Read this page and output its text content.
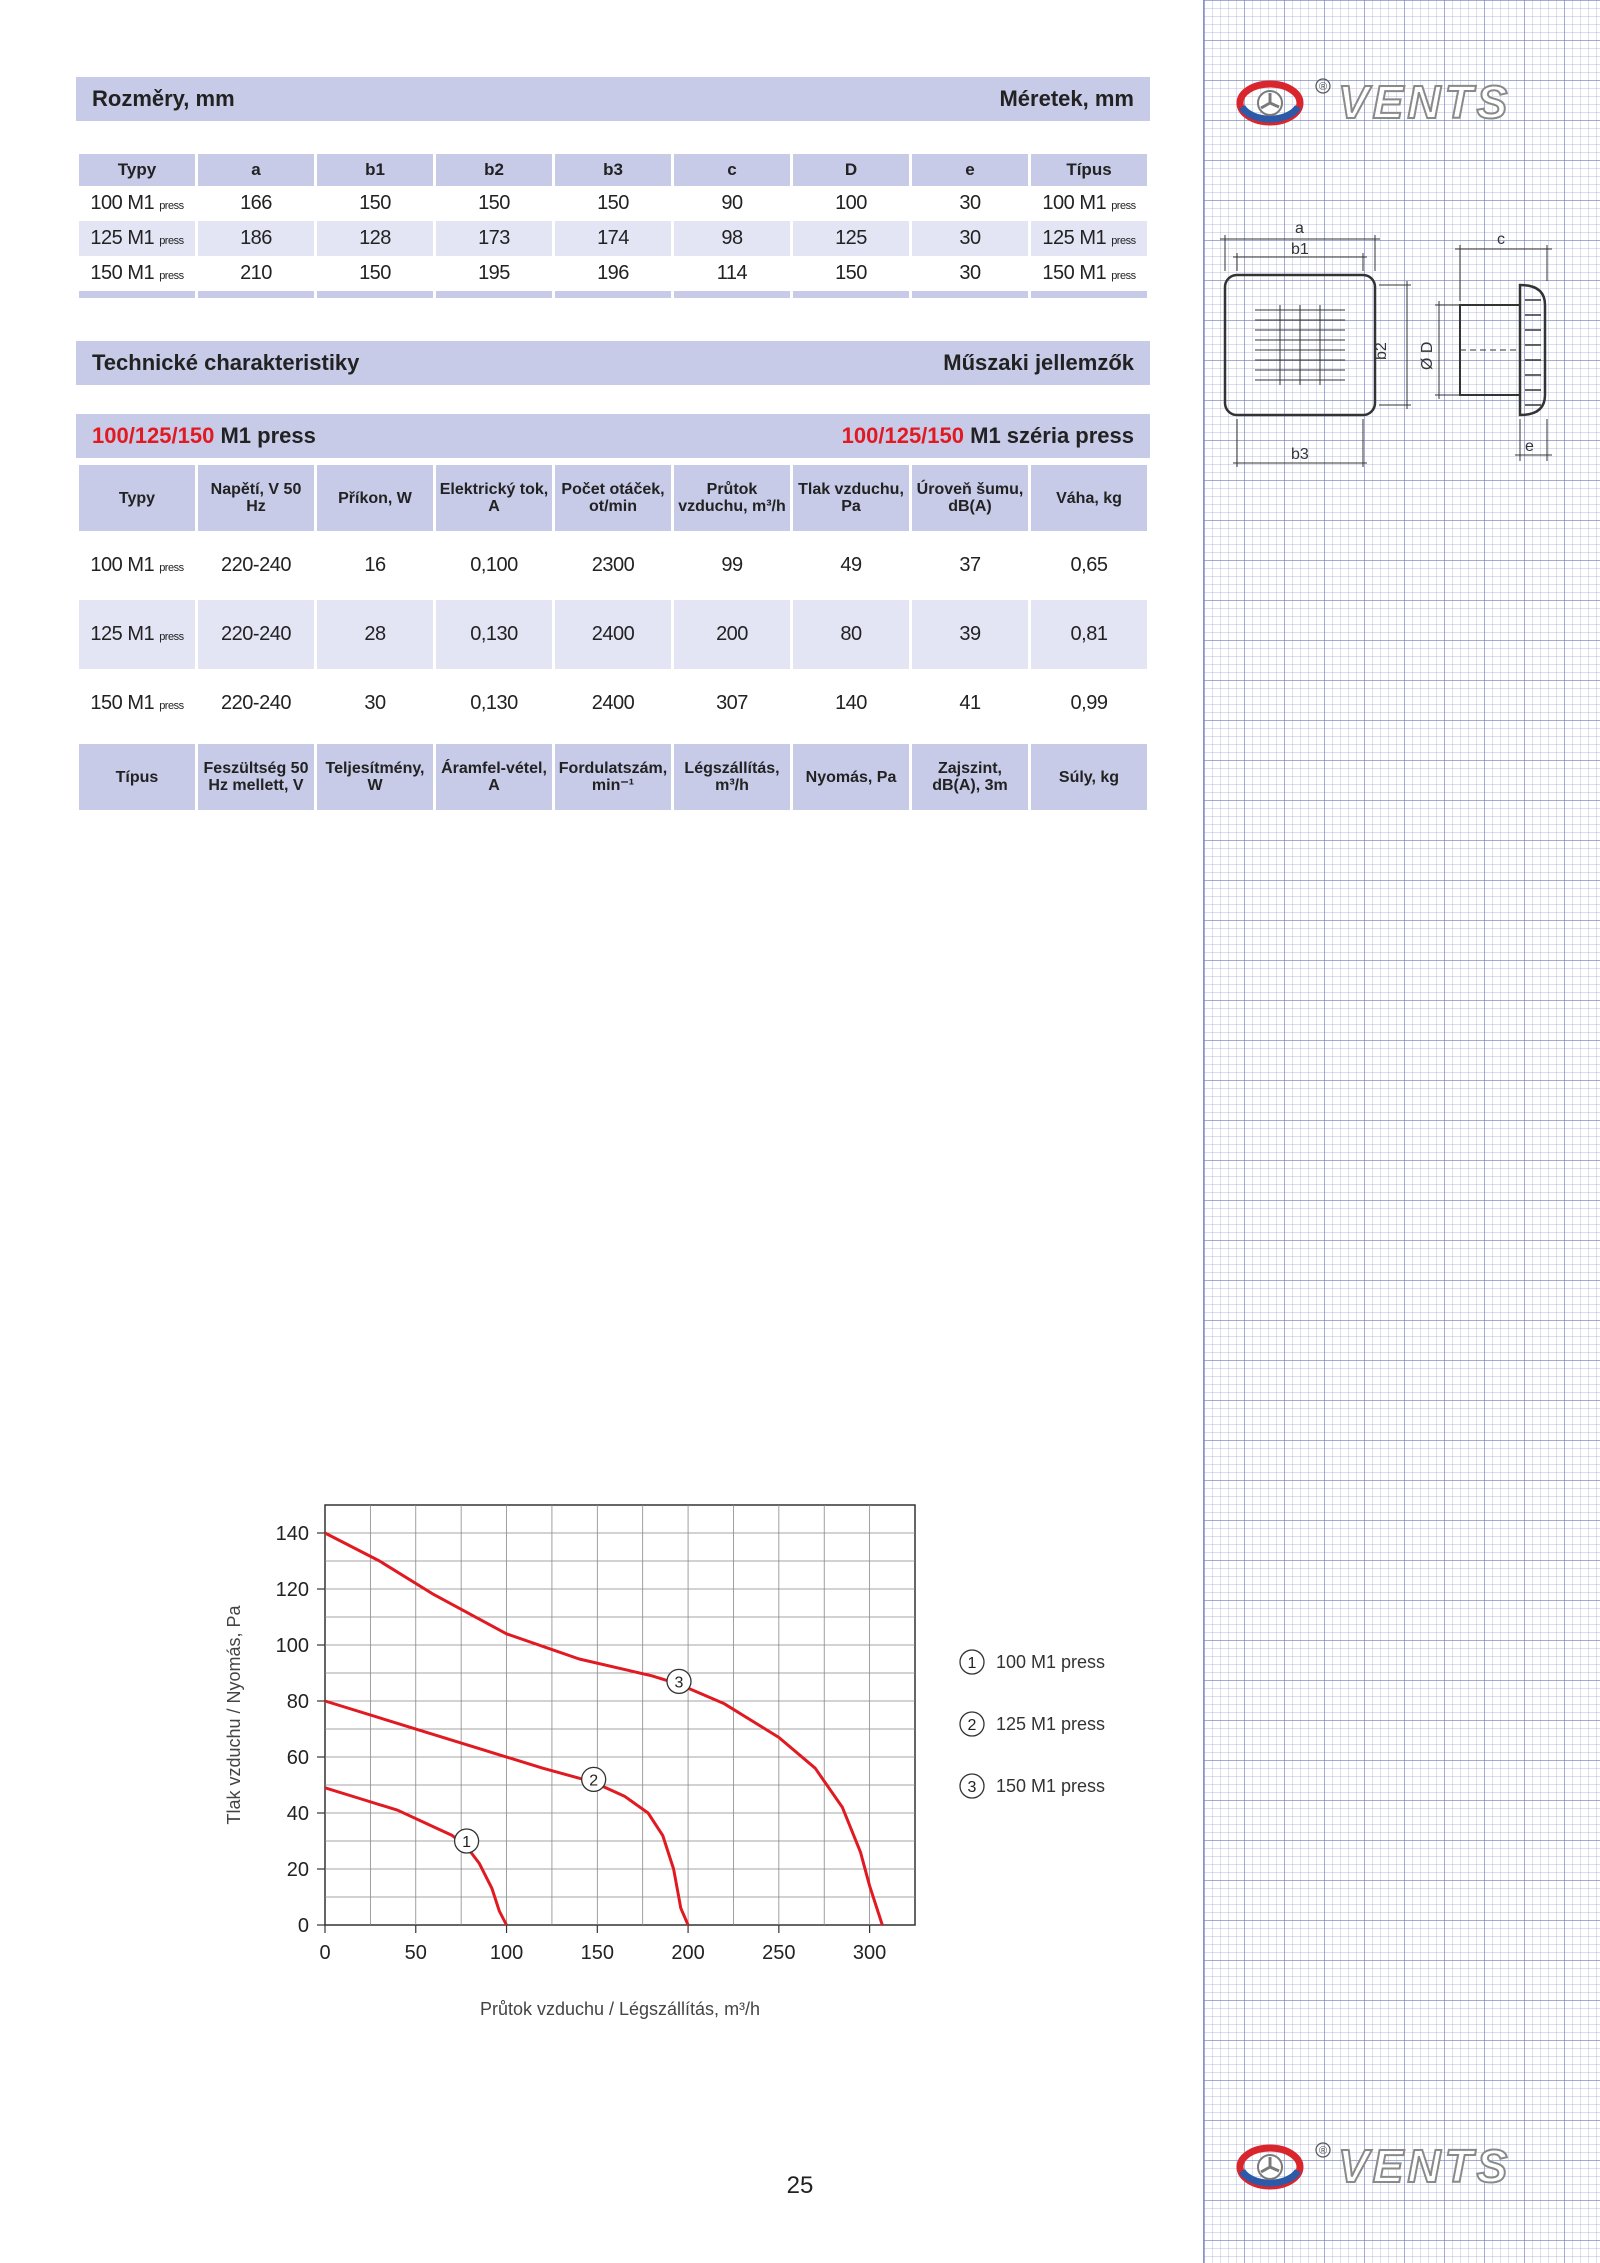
® VENTS
® VENTS
a
b1
b3
b2
c
Ø D
e
Rozměry, mm	Méretek, mm
Typy	a	b1	b2	b3	c	D	e	Típus
100 M1 press	166	150	150	150	90	100	30	100 M1 press
125 M1 press	186	128	173	174	98	125	30	125 M1 press
150 M1 press	210	150	195	196	114	150	30	150 M1 press

Technické charakteristiky	Műszaki jellemzők
100/125/150 M1 press	100/125/150 M1 széria press
Typy	Napětí, V 50 Hz	Příkon, W	Elektrický tok, A	Počet otáček, ot/min	Průtok vzduchu, m³/h	Tlak vzduchu, Pa	Úroveň šumu, dB(A)	Váha, kg
100 M1 press	220-240	16	0,100	2300	99	49	37	0,65
125 M1 press	220-240	28	0,130	2400	200	80	39	0,81
150 M1 press	220-240	30	0,130	2400	307	140	41	0,99
Típus	Feszültség 50 Hz mellett, V	Teljesítmény, W	Áramfel-vétel, A	Fordulatszám, min⁻¹	Légszállítás, m³/h	Nyomás, Pa	Zajszint, dB(A), 3m	Súly, kg
0	50	100	150	200	250	300
0
20
40
60
80
100
120
140
Průtok vzduchu / Légszállítás, m³/h
Tlak vzduchu / Nyomás, Pa
1
1 100 M1 press
2
2 125 M1 press
3
3 150 M1 press
25
